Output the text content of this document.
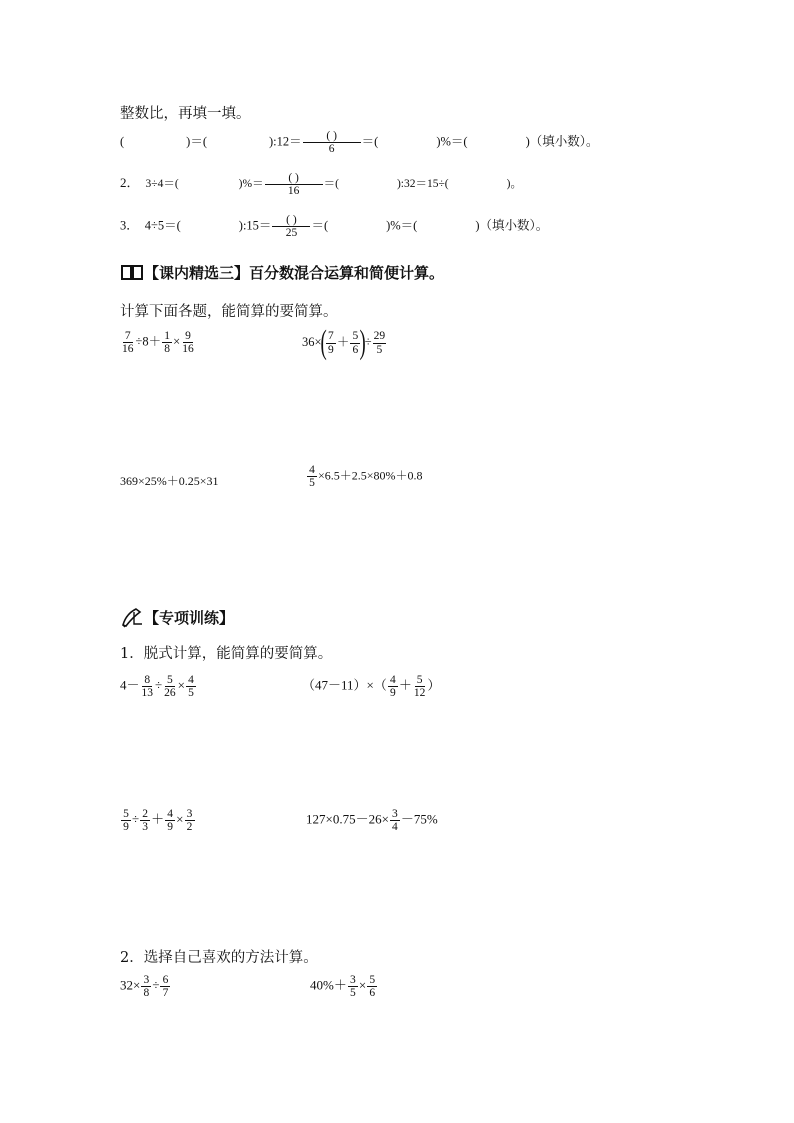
整数比，再填一填。
(	)＝(	):12＝ $\frac{( )}{6}$ ＝(	)%＝(	)（填小数）。
2． 3÷4＝(	)%＝ $\frac{( )}{16}$ ＝(	):32＝15÷(	)。
3． 4÷5＝(	):15＝ $\frac{( )}{25}$ ＝(	)%＝(	)（填小数）。
【课内精选三】百分数混合运算和简便计算。
计算下面各题，能简算的要简算。
$\frac{7}{16} \div 8+ \frac{1}{8} \times \frac{9}{16}$	$36\times( \frac{7}{9} + \frac{5}{6}$ )÷ $\frac{29}{5}$
369×25%＋0.25×31	$\frac{4}{5} \times 6.5+2.5\times 80\%+0.8$
【专项训练】
1．脱式计算，能简算的要简算。
$4- \frac{8}{13} \div \frac{5}{26} \times \frac{4}{5}$	$(47-11)\times( \frac{4}{9} + \frac{5}{12}$ ）
$\frac{5}{9} \div \frac{2}{3} + \frac{4}{9} \times \frac{3}{2}$	$127\times 0.75-26\times \frac{3}{4} -75\%$
2．选择自己喜欢的方法计算。
$32\times \frac{3}{8} \div \frac{6}{7}$	$40\%+ \frac{3}{5} \times \frac{5}{6}$
